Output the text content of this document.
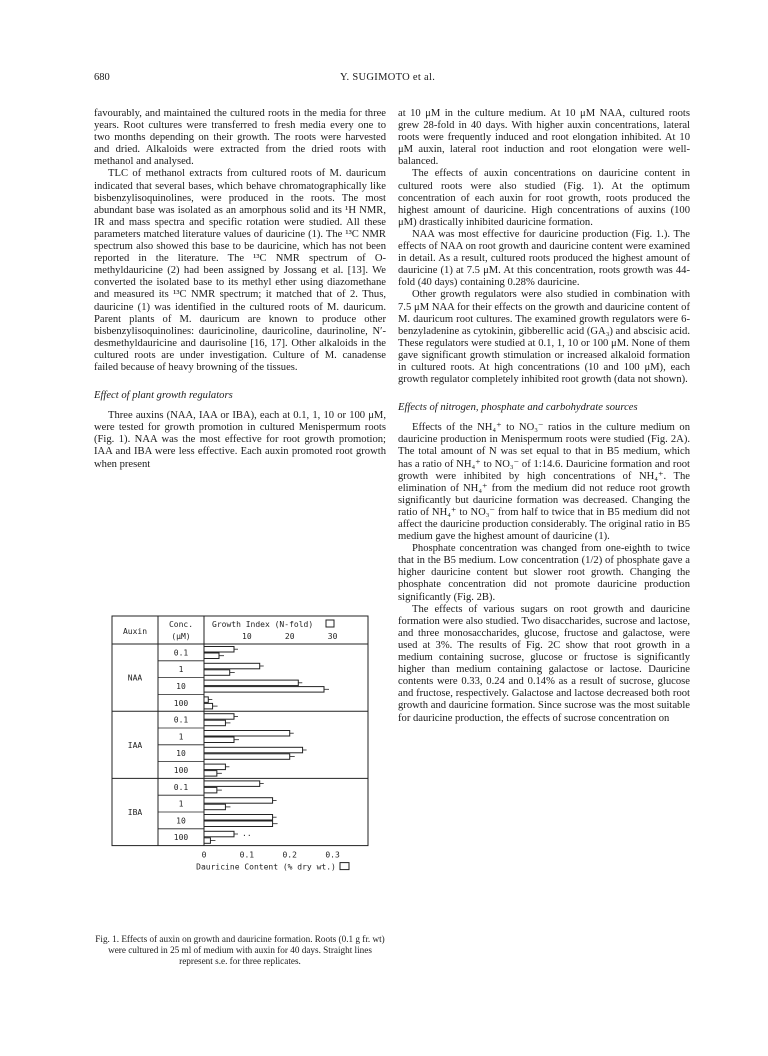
680	Y. SUGIMOTO et al.

favourably, and maintained the cultured roots in the media for three years. Root cultures were transferred to fresh media every one to two months depending on their growth. The roots were harvested and dried. Alkaloids were extracted from the dried roots with methanol and analysed.

TLC of methanol extracts from cultured roots of M. dauricum indicated that several bases, which behave chromatographically like bisbenzylisoquinolines, were produced in the roots. The most abundant base was isolated as an amorphous solid and its ¹H NMR, IR and mass spectra and specific rotation were studied. All these parameters matched literature values of dauricine (1). The ¹³C NMR spectrum also showed this base to be dauricine, which has not been reported in the literature. The ¹³C NMR spectrum of O-methyldauricine (2) had been assigned by Jossang et al. [13]. We converted the isolated base to its methyl ether using diazomethane and measured its ¹³C NMR spectrum; it matched that of 2. Thus, dauricine (1) was identified in the cultured roots of M. dauricum. Parent plants of M. dauricum are known to produce other bisbenzylisoquinolines: dauricinoline, dauricoline, daurinoline, N′-desmethyldauricine and daurisoline [16, 17]. Other alkaloids in the cultured roots are under investigation. Culture of M. canadense failed because of heavy browning of the tissues.

Effect of plant growth regulators

Three auxins (NAA, IAA or IBA), each at 0.1, 1, 10 or 100 μM, were tested for growth promotion in cultured Menispermum roots (Fig. 1). NAA was the most effective for root growth promotion; IAA and IBA were less effective. Each auxin promoted root growth when present

at 10 μM in the culture medium. At 10 μM NAA, cultured roots grew 28-fold in 40 days. With higher auxin concentrations, lateral roots were frequently induced and root elongation inhibited. At 10 μM auxin, lateral root induction and root elongation were well-balanced.

The effects of auxin concentrations on dauricine content in cultured roots were also studied (Fig. 1). At the optimum concentration of each auxin for root growth, roots produced the highest amount of dauricine. High concentrations of auxins (100 μM) drastically inhibited dauricine formation.

NAA was most effective for dauricine production (Fig. 1.). The effects of NAA on root growth and dauricine content were examined in detail. As a result, cultured roots produced the highest amount of dauricine (1) at 7.5 μM. At this concentration, roots growth was 44-fold (40 days) containing 0.28% dauricine.

Other growth regulators were also studied in combination with 7.5 μM NAA for their effects on the growth and dauricine content of M. dauricum root cultures. The examined growth regulators were 6-benzyladenine as cytokinin, gibberellic acid (GA₃) and abscisic acid. These regulators were studied at 0.1, 1, 10 or 100 μM. None of them gave significant growth stimulation or increased alkaloid formation in cultured roots. At high concentrations (10 and 100 μM), each growth regulator completely inhibited root growth (data not shown).

Effects of nitrogen, phosphate and carbohydrate sources

Effects of the NH₄⁺ to NO₃⁻ ratios in the culture medium on dauricine production in Menispermum roots were studied (Fig. 2A). The total amount of N was set equal to that in B5 medium, which has a ratio of NH₄⁺ to NO₃⁻ of 1:14.6. Dauricine formation and root growth were inhibited by high concentrations of NH₄⁺. The elimination of NH₄⁺ from the medium did not reduce root growth significantly but dauricine formation was decreased. Changing the ratio of NH₄⁺ to NO₃⁻ from half to twice that in B5 medium did not affect the dauricine production considerably. The original ratio in B5 medium gave the highest amount of dauricine (1).

Phosphate concentration was changed from one-eighth to twice that in the B5 medium. Low concentration (1/2) of phosphate gave a higher dauricine content but slower root growth. Changing the phosphate concentration did not promote dauricine production significantly (Fig. 2B).

The effects of various sugars on root growth and dauricine formation were also studied. Two disaccharides, sucrose and lactose, and three monosaccharides, glucose, fructose and galactose, were used at 3%. The results of Fig. 2C show that root growth in a medium containing sucrose, glucose or fructose is significantly higher than medium containing galactose or lactose. Dauricine contents were 0.33, 0.24 and 0.14% as a result of sucrose, glucose and fructose, respectively. Galactose and lactose decreased both root growth and dauricine formation. Since sucrose was the most suitable for dauricine production, the effects of sucrose concentration on

Auxin
Conc.
(μM)
Growth Index (N-fold)
10	20	30
NAA
0.1
1
10
100
IAA
0.1
1
10
100
IBA
0.1
1
10
100	..
0	0.1	0.2	0.3
Dauricine Content (% dry wt.)
Fig. 1. Effects of auxin on growth and dauricine formation. Roots (0.1 g fr. wt) were cultured in 25 ml of medium with auxin for 40 days. Straight lines represent s.e. for three replicates.
